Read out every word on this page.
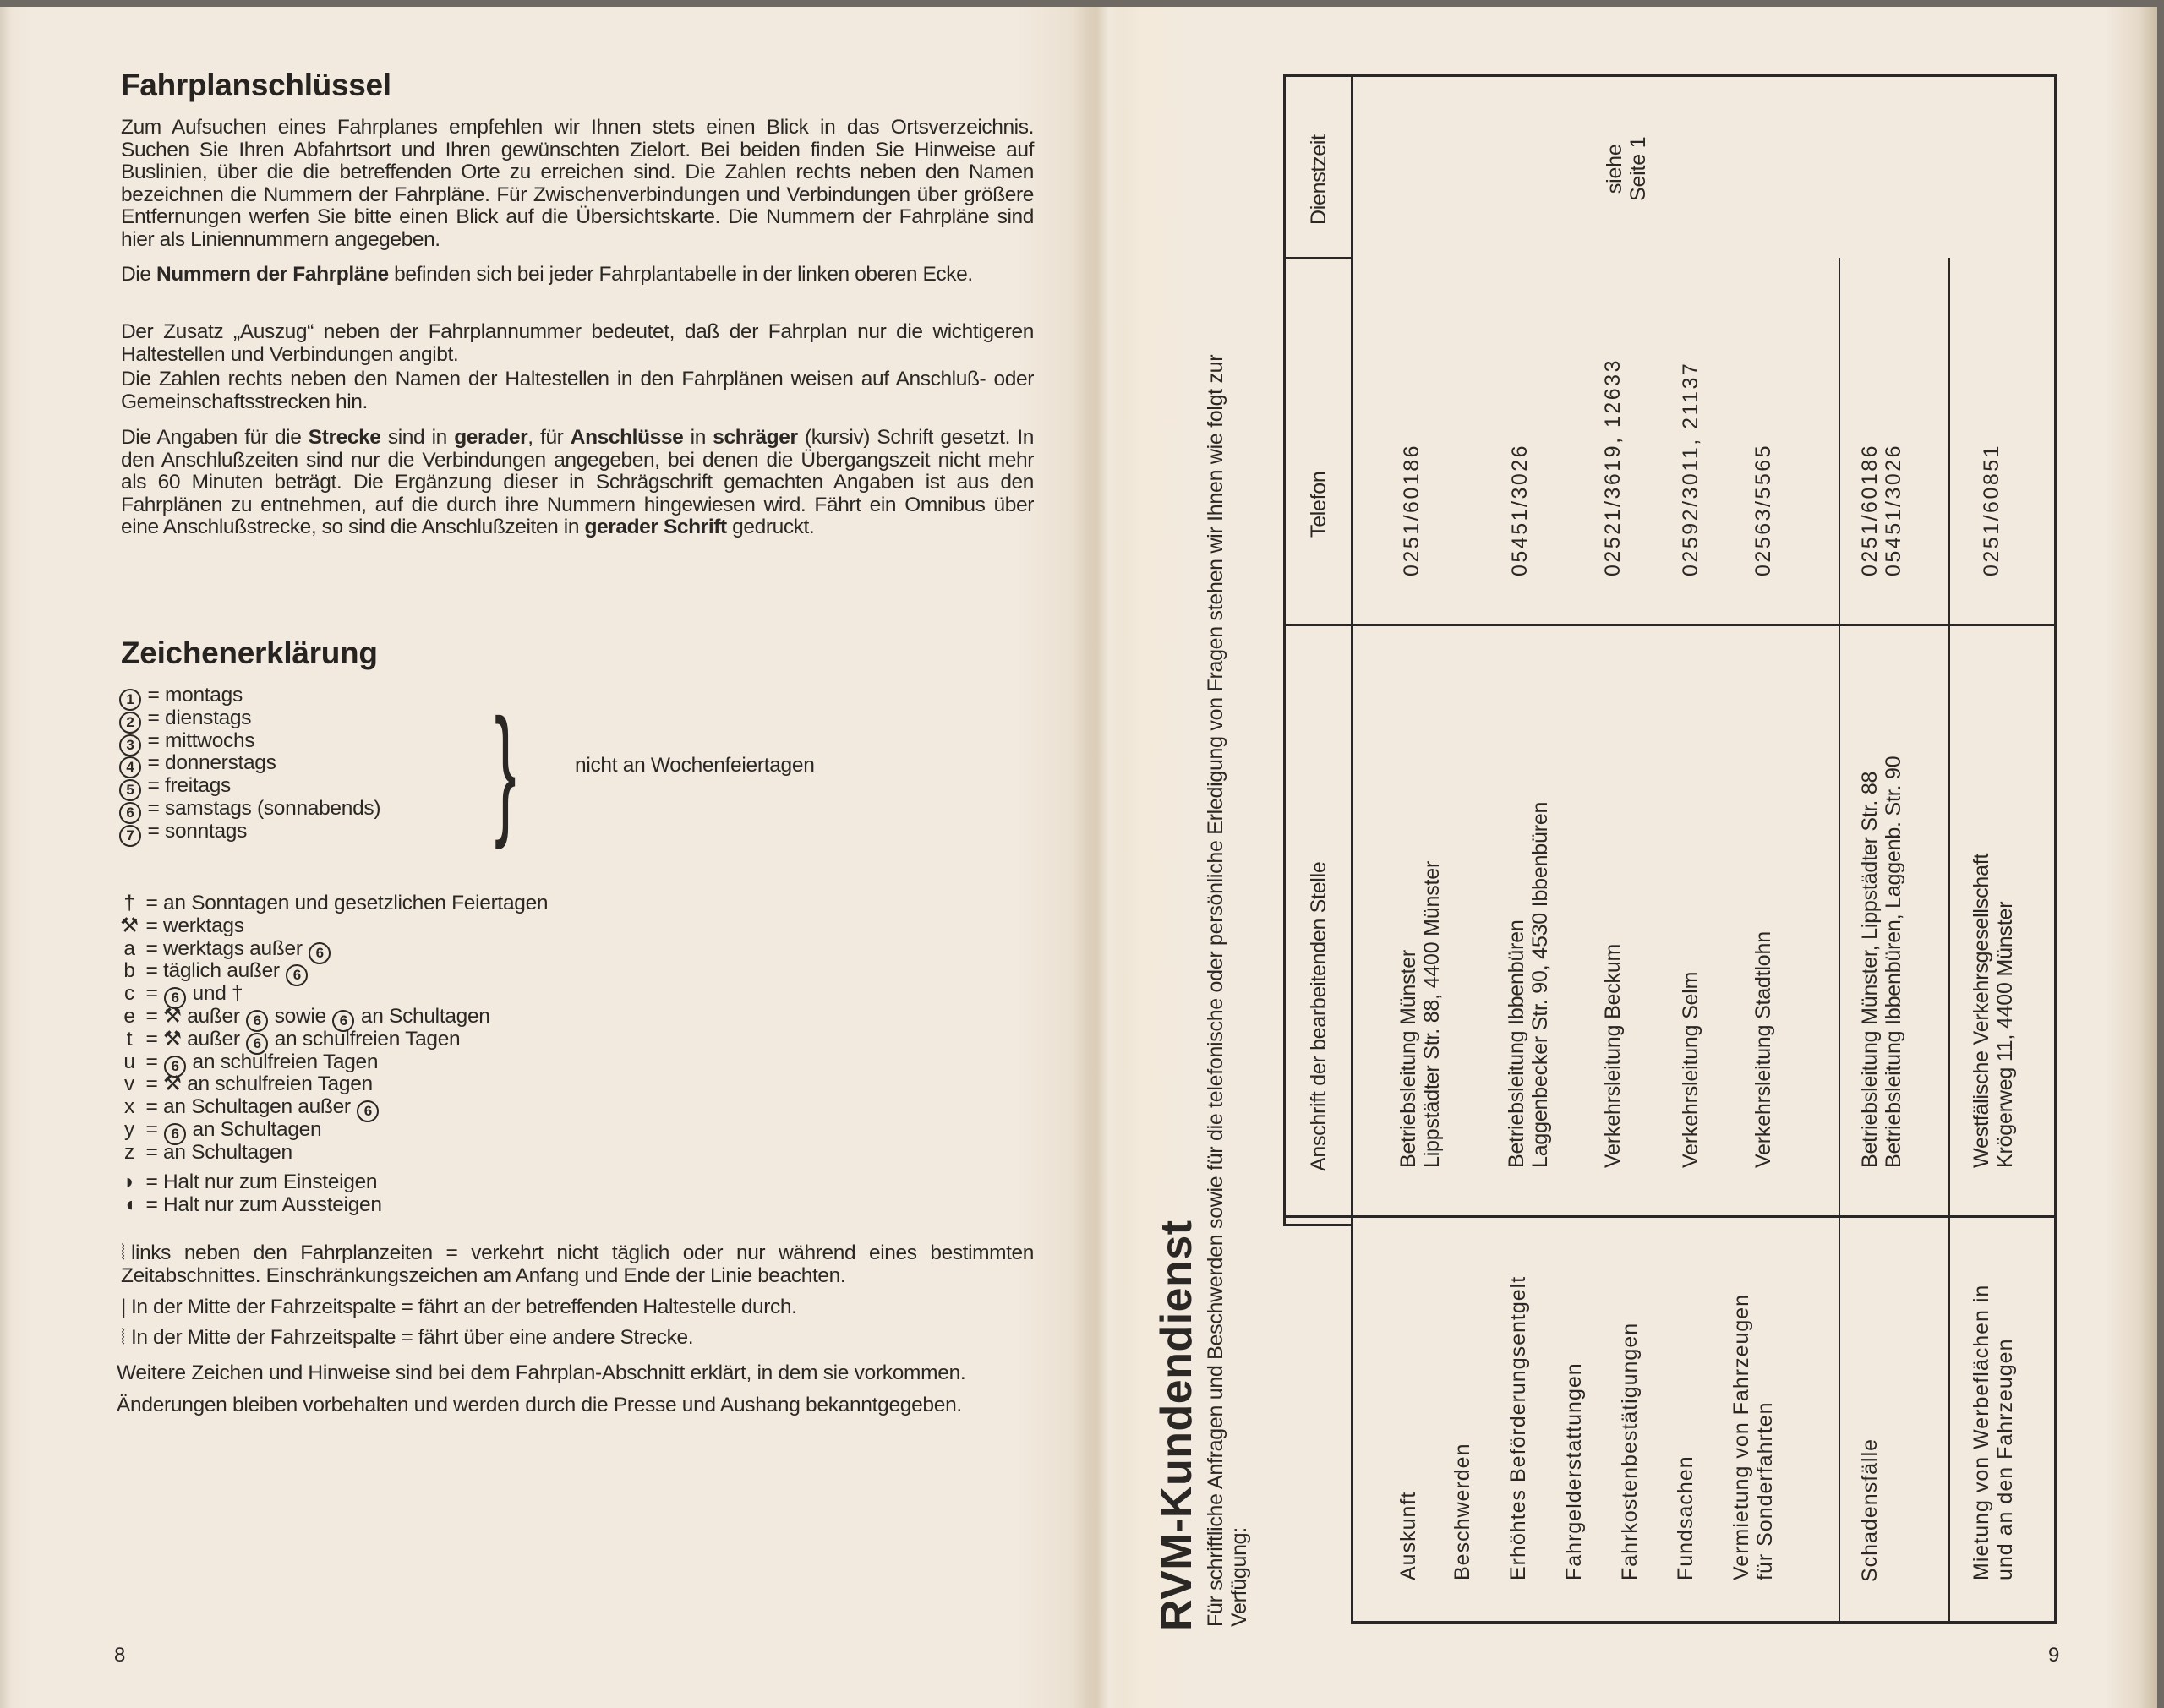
Fahrplanschlüssel
Zum Aufsuchen eines Fahrplanes empfehlen wir Ihnen stets einen Blick in das Ortsverzeichnis. Suchen Sie Ihren Abfahrtsort und Ihren gewünschten Zielort. Bei beiden finden Sie Hinweise auf Buslinien, über die die betreffenden Orte zu erreichen sind. Die Zahlen rechts neben den Namen bezeichnen die Nummern der Fahrpläne. Für Zwischenverbindungen und Verbindungen über größere Entfernungen werfen Sie bitte einen Blick auf die Übersichtskarte. Die Nummern der Fahrpläne sind hier als Liniennummern angegeben.
Die Nummern der Fahrpläne befinden sich bei jeder Fahrplantabelle in der linken oberen Ecke.
Der Zusatz „Auszug“ neben der Fahrplannummer bedeutet, daß der Fahrplan nur die wichtigeren Haltestellen und Verbindungen angibt.
Die Zahlen rechts neben den Namen der Haltestellen in den Fahrplänen weisen auf Anschluß- oder Gemeinschaftsstrecken hin.
Die Angaben für die Strecke sind in gerader, für Anschlüsse in schräger (kursiv) Schrift gesetzt. In den Anschlußzeiten sind nur die Verbindungen angegeben, bei denen die Übergangszeit nicht mehr als 60 Minuten beträgt. Die Ergänzung dieser in Schrägschrift gemachten Angaben ist aus den Fahrplänen zu entnehmen, auf die durch ihre Nummern hingewiesen wird. Fährt ein Omnibus über eine Anschlußstrecke, so sind die Anschlußzeiten in gerader Schrift gedruckt.
Zeichenerklärung
1 = montags
2 = dienstags
3 = mittwochs
4 = donnerstags
5 = freitags
6 = samstags (sonnabends)
7 = sonntags }	nicht an Wochenfeiertagen
† = an Sonntagen und gesetzlichen Feiertagen
⚒ = werktags
a = werktags außer 6
b = täglich außer 6
c = 6 und †
e = ⚒ außer 6 sowie 6 an Schultagen
t = ⚒ außer 6 an schulfreien Tagen
u = 6 an schulfreien Tagen
v = ⚒ an schulfreien Tagen
x = an Schultagen außer 6
y = 6 an Schultagen
z = an Schultagen
◗ = Halt nur zum Einsteigen
◖ = Halt nur zum Aussteigen
⦚ links neben den Fahrplanzeiten = verkehrt nicht täglich oder nur während eines bestimmten Zeitabschnittes. Einschränkungszeichen am Anfang und Ende der Linie beachten.
| In der Mitte der Fahrzeitspalte = fährt an der betreffenden Haltestelle durch.
⦚ In der Mitte der Fahrzeitspalte = fährt über eine andere Strecke.
Weitere Zeichen und Hinweise sind bei dem Fahrplan-Abschnitt erklärt, in dem sie vorkommen.
Änderungen bleiben vorbehalten und werden durch die Presse und Aushang bekanntgegeben.
8
RVM-Kundendienst Für schriftliche Anfragen und Beschwerden sowie für die telefonische oder persönliche Erledigung von Fragen stehen wir Ihnen wie folgt zur Verfügung:
Anschrift der bearbeitenden Stelle
Telefon
Dienstzeit	siehe Seite 1
Auskunft Beschwerden Erhöhtes Beförderungsentgelt Fahrgelderstattungen Fahrkostenbestätigungen Fundsachen Vermietung von Fahrzeugen für Sonderfahrten
Betriebsleitung Münster Lippstädter Str. 88, 4400 Münster
0251/60186
Betriebsleitung Ibbenbüren Laggenbecker Str. 90, 4530 Ibbenbüren
05451/3026
Verkehrsleitung Beckum
02521/3619, 12633
Verkehrsleitung Selm
02592/3011, 21137
Verkehrsleitung Stadtlohn
02563/5565
Schadensfälle
Betriebsleitung Münster, Lippstädter Str. 88 Betriebsleitung Ibbenbüren, Laggenb. Str. 90
0251/60186 05451/3026
Mietung von Werbeflächen in und an den Fahrzeugen
Westfälische Verkehrsgesellschaft Krögerweg 11, 4400 Münster
0251/60851
9
